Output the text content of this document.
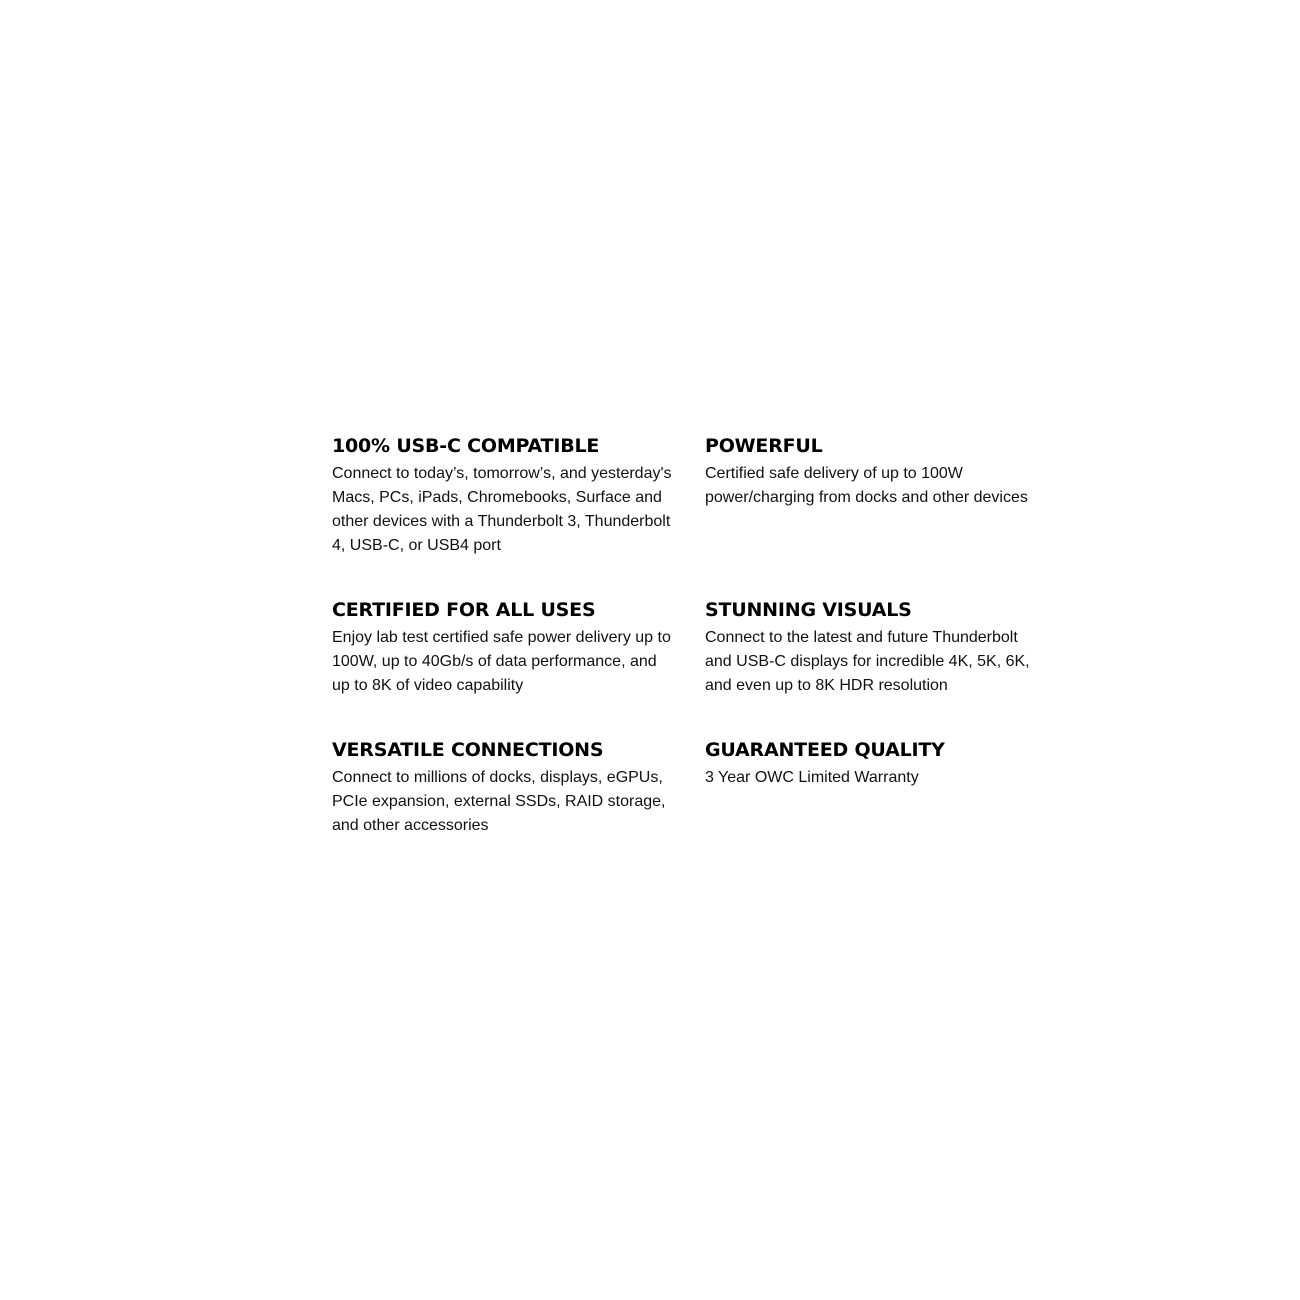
100% USB-C COMPATIBLE

Connect to today’s, tomorrow’s, and yesterday's Macs, PCs, iPads, Chromebooks, Surface and other devices with a Thunderbolt 3, Thunderbolt 4, USB-C, or USB4 port

POWERFUL

Certified safe delivery of up to 100W power/charging from docks and other devices

CERTIFIED FOR ALL USES

Enjoy lab test certified safe power delivery up to 100W, up to 40Gb/s of data performance, and up to 8K of video capability

STUNNING VISUALS

Connect to the latest and future Thunderbolt and USB-C displays for incredible 4K, 5K, 6K, and even up to 8K HDR resolution

VERSATILE CONNECTIONS

Connect to millions of docks, displays, eGPUs, PCIe expansion, external SSDs, RAID storage, and other accessories

GUARANTEED QUALITY

3 Year OWC Limited Warranty
